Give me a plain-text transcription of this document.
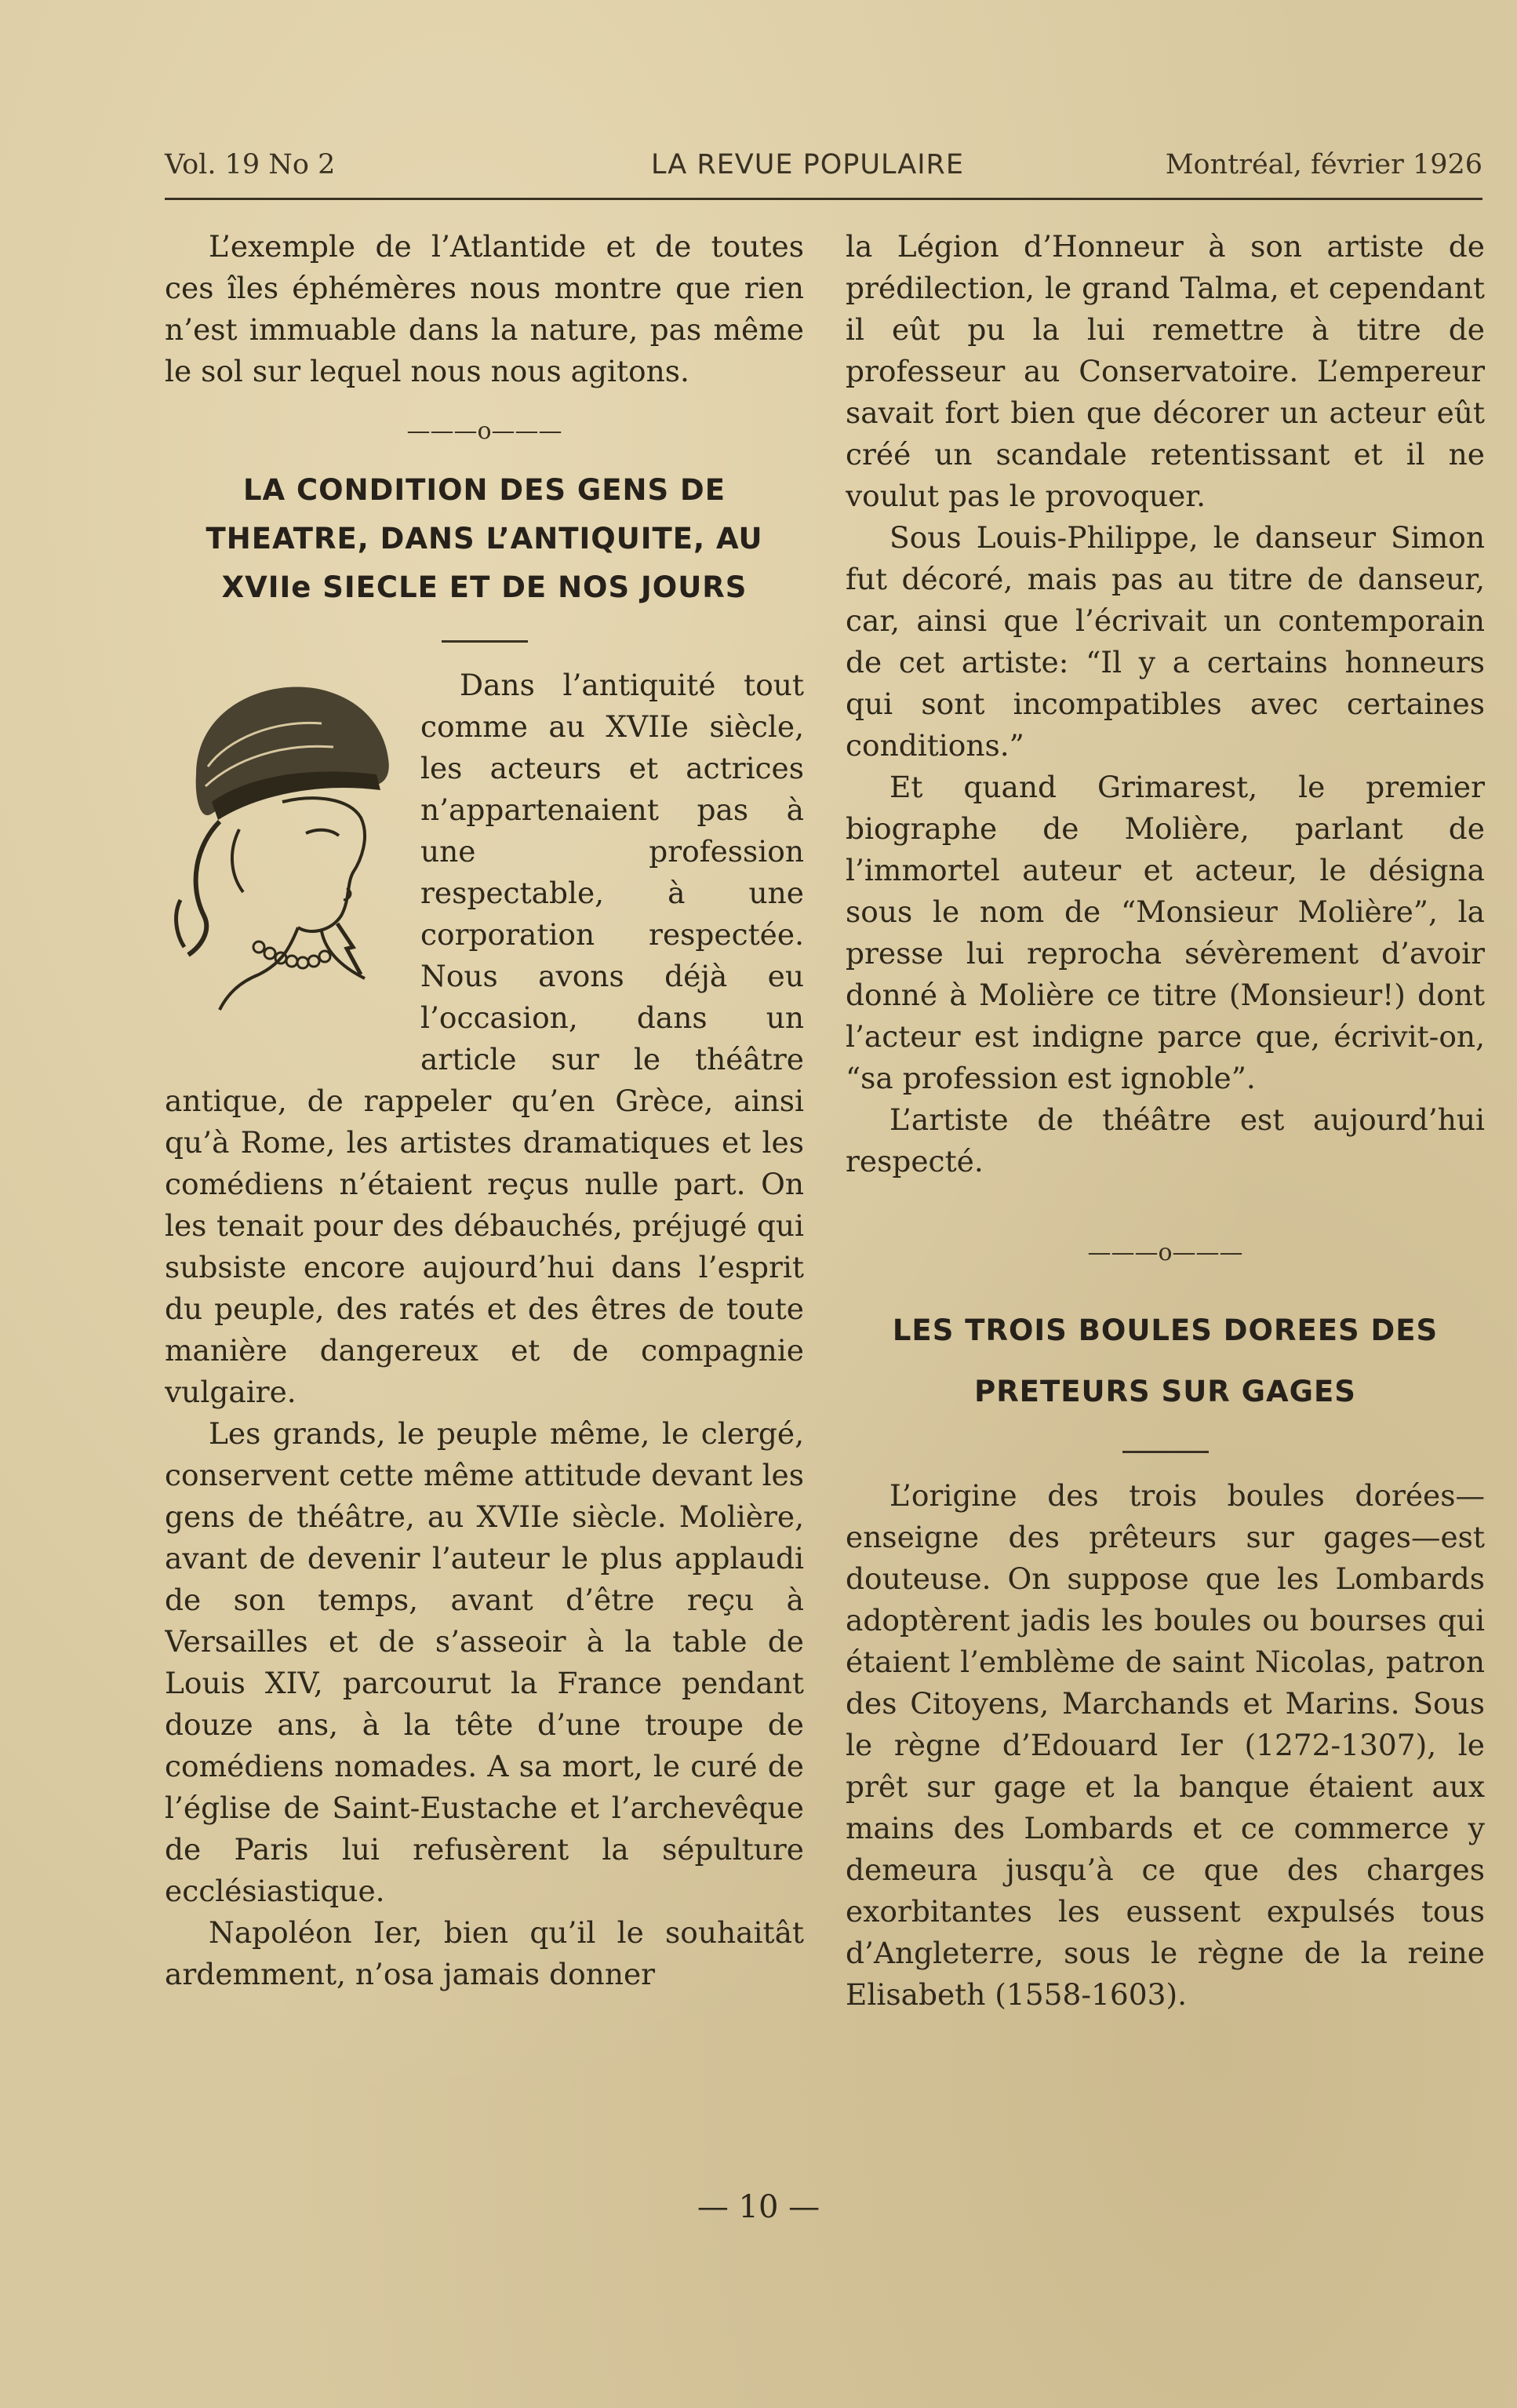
Vol. 19 No 2	LA REVUE POPULAIRE	Montréal, février 1926

L’exemple de l’Atlantide et de toutes ces îles éphémères nous montre que rien n’est immuable dans la nature, pas même le sol sur lequel nous nous agitons.

———o———
LA CONDITION DES GENS DE THEATRE, DANS L’ANTIQUITE, AU XVIIe SIECLE ET DE NOS JOURS

Dans l’antiquité tout comme au XVIIe siècle, les acteurs et actrices n’appartenaient pas à une profession respectable, à une corporation respectée. Nous avons déjà eu l’occasion, dans un article sur le théâtre antique, de rappeler qu’en Grèce, ainsi qu’à Rome, les artistes dramatiques et les comédiens n’étaient reçus nulle part. On les tenait pour des débauchés, préjugé qui subsiste encore aujourd’hui dans l’esprit du peuple, des ratés et des êtres de toute manière dangereux et de compagnie vulgaire.

Les grands, le peuple même, le clergé, conservent cette même attitude devant les gens de théâtre, au XVIIe siècle. Molière, avant de devenir l’auteur le plus applaudi de son temps, avant d’être reçu à Versailles et de s’asseoir à la table de Louis XIV, parcourut la France pendant douze ans, à la tête d’une troupe de comédiens nomades. A sa mort, le curé de l’église de Saint-Eustache et l’archevêque de Paris lui refusèrent la sépulture ecclésiastique.

Napoléon Ier, bien qu’il le souhaitât ardemment, n’osa jamais donner

la Légion d’Honneur à son artiste de prédilection, le grand Talma, et cependant il eût pu la lui remettre à titre de professeur au Conservatoire. L’empereur savait fort bien que décorer un acteur eût créé un scandale retentissant et il ne voulut pas le provoquer.

Sous Louis-Philippe, le danseur Simon fut décoré, mais pas au titre de danseur, car, ainsi que l’écrivait un contemporain de cet artiste: “Il y a certains honneurs qui sont incompatibles avec certaines conditions.”

Et quand Grimarest, le premier biographe de Molière, parlant de l’immortel auteur et acteur, le désigna sous le nom de “Monsieur Molière”, la presse lui reprocha sévèrement d’avoir donné à Molière ce titre (Monsieur!) dont l’acteur est indigne parce que, écrivit-on, “sa profession est ignoble”.

L’artiste de théâtre est aujourd’hui respecté.

———o———
LES TROIS BOULES DOREES DES PRETEURS SUR GAGES

L’origine des trois boules dorées—enseigne des prêteurs sur gages—est douteuse. On suppose que les Lombards adoptèrent jadis les boules ou bourses qui étaient l’emblème de saint Nicolas, patron des Citoyens, Marchands et Marins. Sous le règne d’Edouard Ier (1272-1307), le prêt sur gage et la banque étaient aux mains des Lombards et ce commerce y demeura jusqu’à ce que des charges exorbitantes les eussent expulsés tous d’Angleterre, sous le règne de la reine Elisabeth (1558-1603).

— 10 —
